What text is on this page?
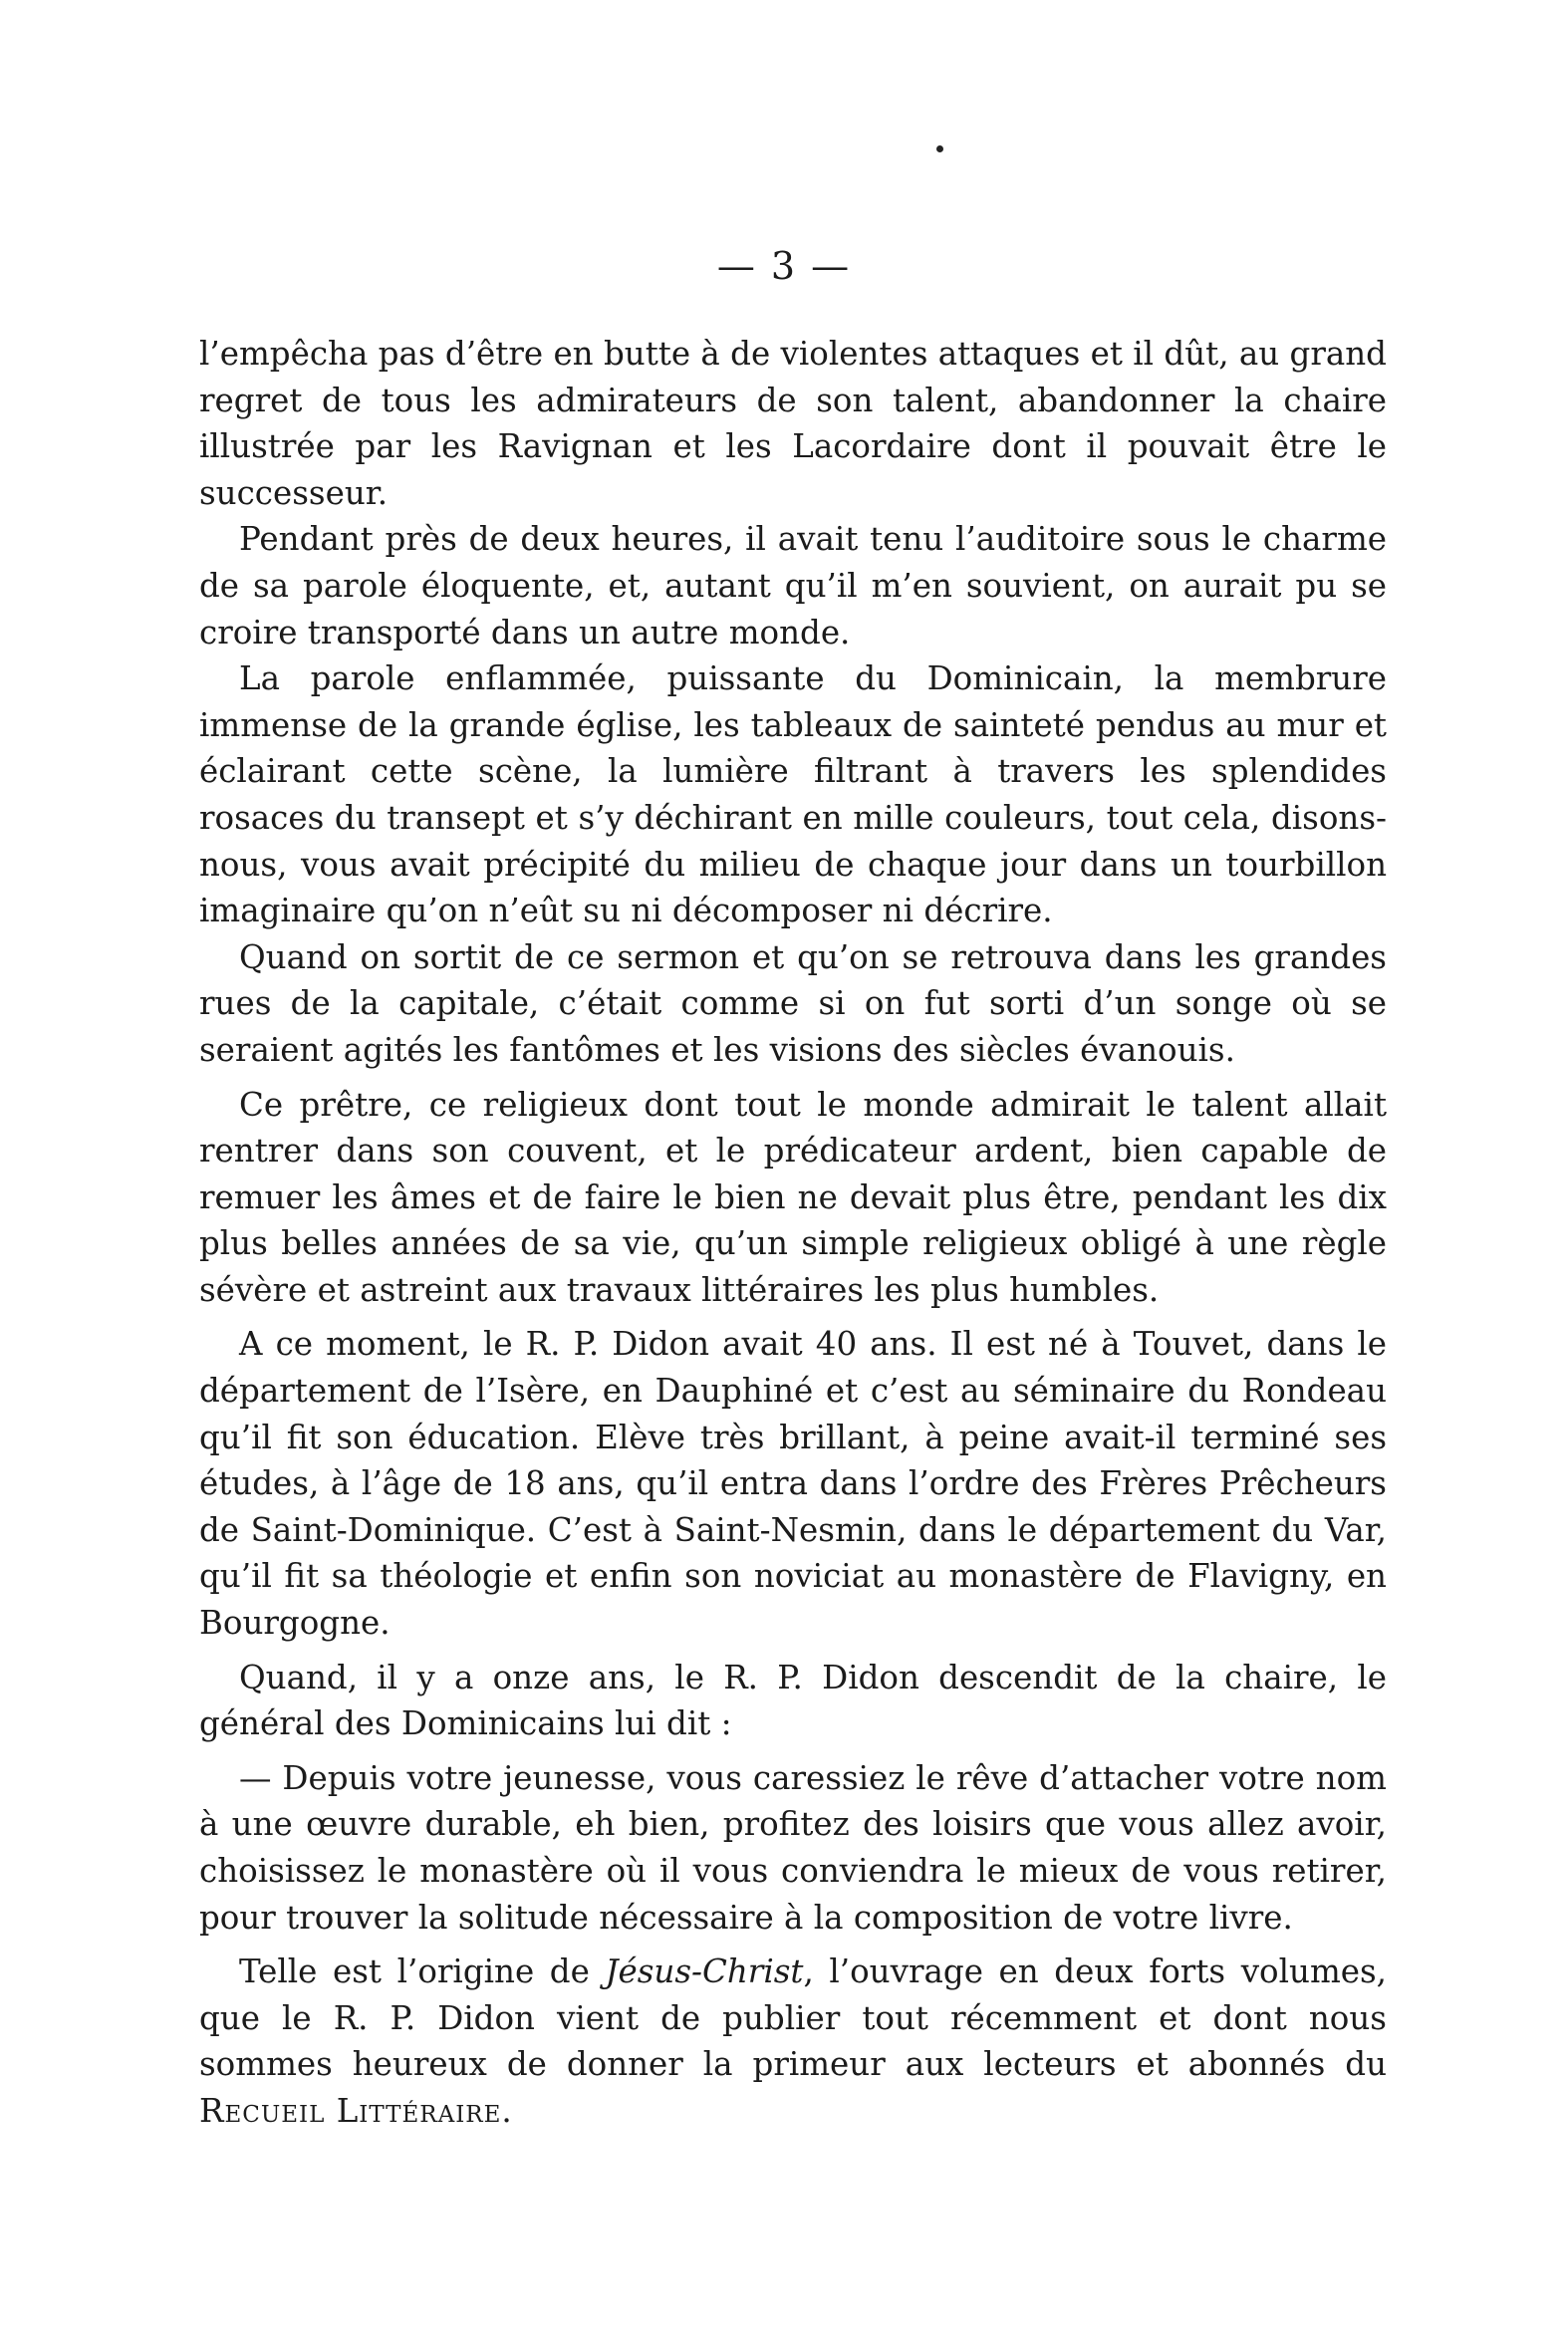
— 3 —

l’empêcha pas d’être en butte à de violentes attaques et il dût, au grand regret de tous les admirateurs de son talent, abandonner la chaire illustrée par les Ravignan et les Lacordaire dont il pouvait être le successeur.

Pendant près de deux heures, il avait tenu l’auditoire sous le charme de sa parole éloquente, et, autant qu’il m’en souvient, on aurait pu se croire transporté dans un autre monde.

La parole enflammée, puissante du Dominicain, la membrure immense de la grande église, les tableaux de sainteté pendus au mur et éclairant cette scène, la lumière filtrant à travers les splendides rosaces du transept et s’y déchirant en mille couleurs, tout cela, disons-nous, vous avait précipité du milieu de chaque jour dans un tourbillon imaginaire qu’on n’eût su ni décomposer ni décrire.

Quand on sortit de ce sermon et qu’on se retrouva dans les grandes rues de la capitale, c’était comme si on fut sorti d’un songe où se seraient agités les fantômes et les visions des siècles évanouis.

Ce prêtre, ce religieux dont tout le monde admirait le talent allait rentrer dans son couvent, et le prédicateur ardent, bien capable de remuer les âmes et de faire le bien ne devait plus être, pendant les dix plus belles années de sa vie, qu’un simple religieux obligé à une règle sévère et astreint aux travaux littéraires les plus humbles.

A ce moment, le R. P. Didon avait 40 ans. Il est né à Touvet, dans le département de l’Isère, en Dauphiné et c’est au séminaire du Rondeau qu’il fit son éducation. Elève très brillant, à peine avait-il terminé ses études, à l’âge de 18 ans, qu’il entra dans l’ordre des Frères Prêcheurs de Saint-Dominique. C’est à Saint-Nesmin, dans le département du Var, qu’il fit sa théologie et enfin son noviciat au monastère de Flavigny, en Bourgogne.

Quand, il y a onze ans, le R. P. Didon descendit de la chaire, le général des Dominicains lui dit :

— Depuis votre jeunesse, vous caressiez le rêve d’attacher votre nom à une œuvre durable, eh bien, profitez des loisirs que vous allez avoir, choisissez le monastère où il vous conviendra le mieux de vous retirer, pour trouver la solitude nécessaire à la composition de votre livre.

Telle est l’origine de Jésus-Christ, l’ouvrage en deux forts volumes, que le R. P. Didon vient de publier tout récemment et dont nous sommes heureux de donner la primeur aux lecteurs et abonnés du Recueil Littéraire.
